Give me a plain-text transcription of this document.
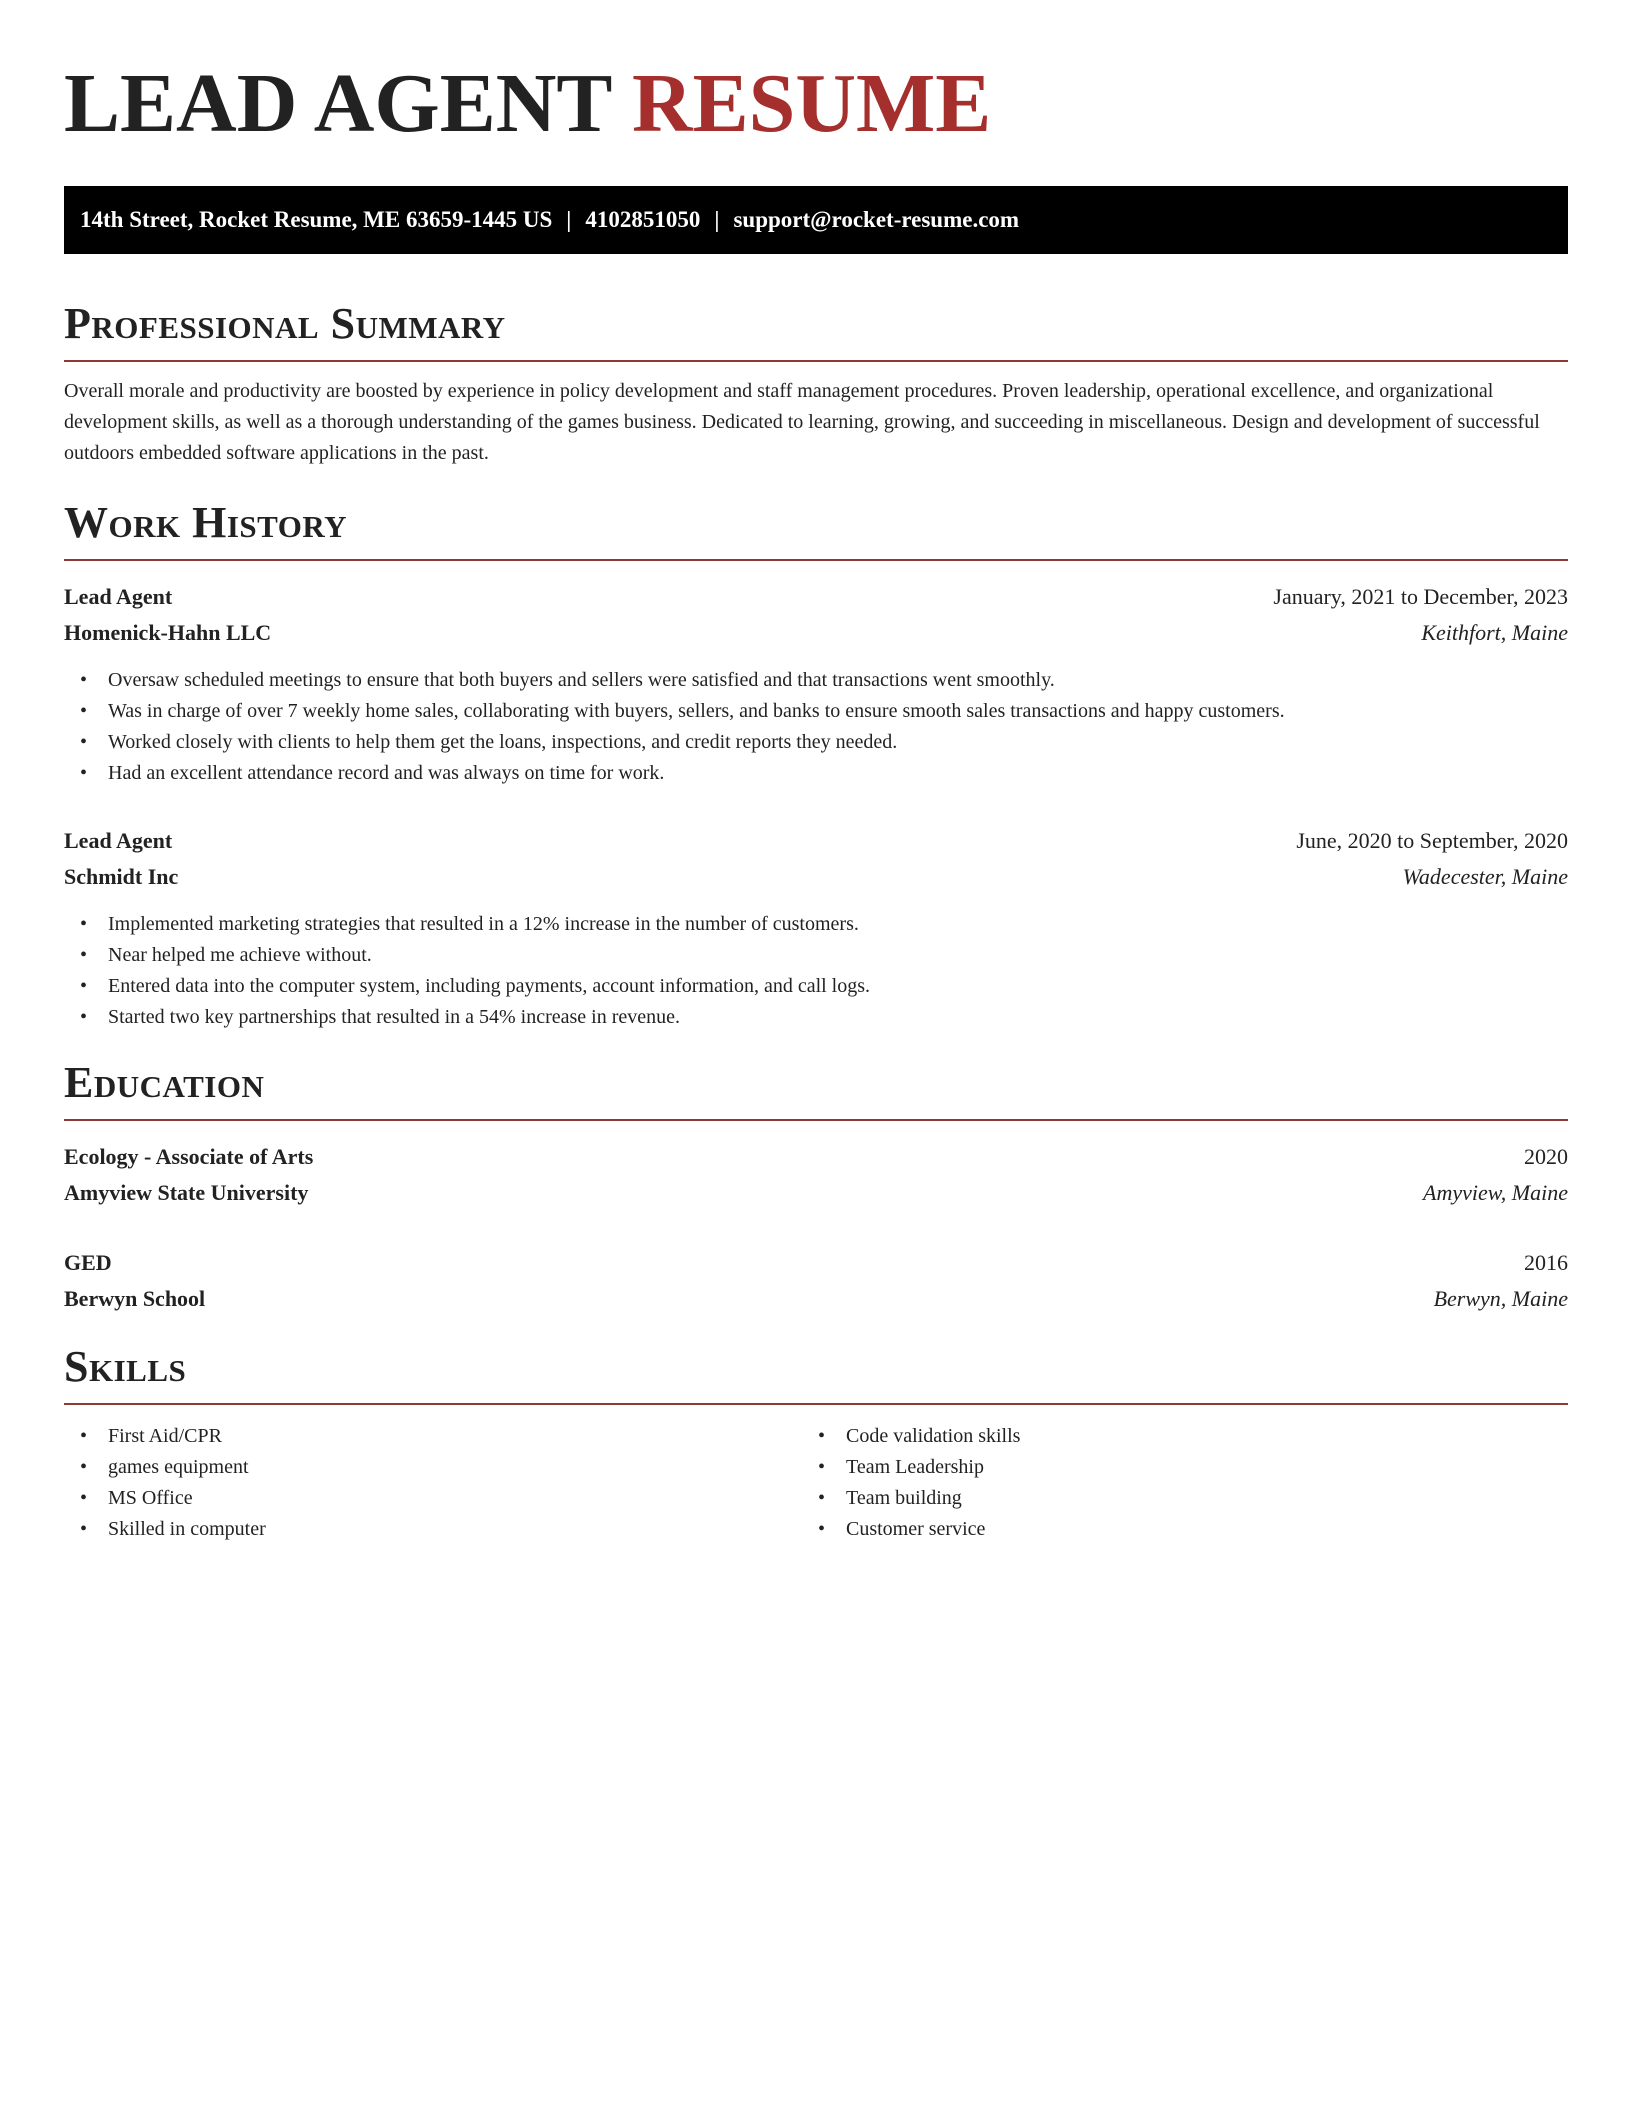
LEAD AGENT RESUME
14th Street, Rocket Resume, ME 63659-1445 US | 4102851050 | support@rocket-resume.com
Professional Summary

Overall morale and productivity are boosted by experience in policy development and staff management procedures. Proven leadership, operational excellence, and organizational development skills, as well as a thorough understanding of the games business. Dedicated to learning, growing, and succeeding in miscellaneous. Design and development of successful outdoors embedded software applications in the past.

Work History
Lead Agent	January, 2021 to December, 2023
Homenick-Hahn LLC	Keithfort, Maine
• Oversaw scheduled meetings to ensure that both buyers and sellers were satisfied and that transactions went smoothly.
• Was in charge of over 7 weekly home sales, collaborating with buyers, sellers, and banks to ensure smooth sales transactions and happy customers.
• Worked closely with clients to help them get the loans, inspections, and credit reports they needed.
• Had an excellent attendance record and was always on time for work.
Lead Agent	June, 2020 to September, 2020
Schmidt Inc	Wadecester, Maine
• Implemented marketing strategies that resulted in a 12% increase in the number of customers.
• Near helped me achieve without.
• Entered data into the computer system, including payments, account information, and call logs.
• Started two key partnerships that resulted in a 54% increase in revenue.
Education
Ecology - Associate of Arts	2020
Amyview State University	Amyview, Maine
GED	2016
Berwyn School	Berwyn, Maine
Skills
• First Aid/CPR
• games equipment
• MS Office
• Skilled in computer
• Code validation skills
• Team Leadership
• Team building
• Customer service
